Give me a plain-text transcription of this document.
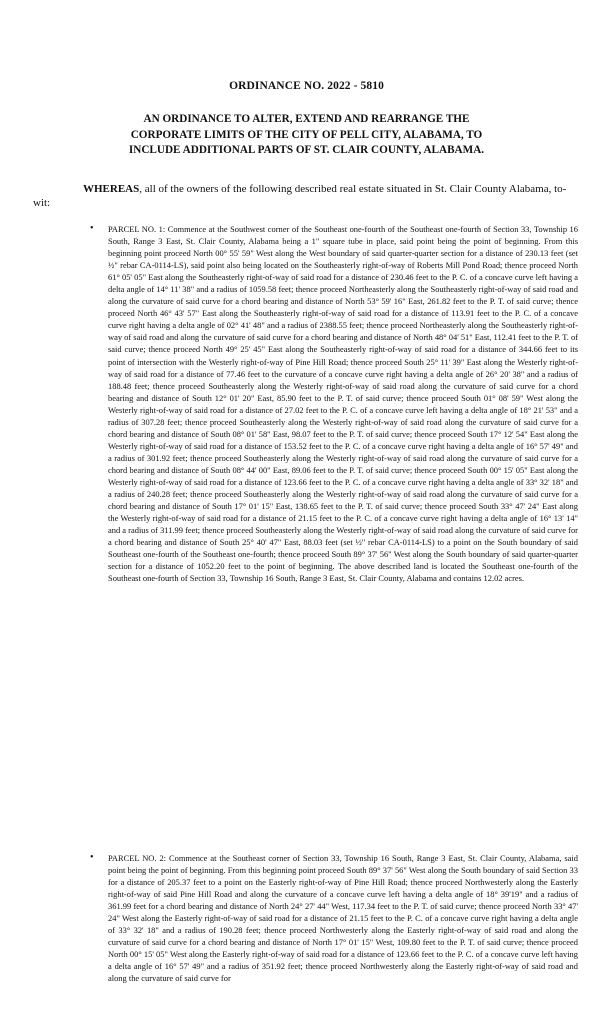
ORDINANCE NO. 2022 - 5810
AN ORDINANCE TO ALTER, EXTEND AND REARRANGE THE CORPORATE LIMITS OF THE CITY OF PELL CITY, ALABAMA, TO INCLUDE ADDITIONAL PARTS OF ST. CLAIR COUNTY, ALABAMA.
WHEREAS, all of the owners of the following described real estate situated in St. Clair County Alabama, to-wit:
• PARCEL NO. 1: Commence at the Southwest corner of the Southeast one-fourth of the Southeast one-fourth of Section 33, Township 16 South, Range 3 East, St. Clair County, Alabama being a 1" square tube in place, said point being the point of beginning. From this beginning point proceed North 00° 55' 59" West along the West boundary of said quarter-quarter section for a distance of 230.13 feet (set ½" rebar CA-0114-LS), said point also being located on the Southeasterly right-of-way of Roberts Mill Pond Road; thence proceed North 61° 05' 05" East along the Southeasterly right-of-way of said road for a distance of 230.46 feet to the P. C. of a concave curve left having a delta angle of 14° 11' 38" and a radius of 1059.58 feet; thence proceed Northeasterly along the Southeasterly right-of-way of said road and along the curvature of said curve for a chord bearing and distance of North 53° 59' 16" East, 261.82 feet to the P. T. of said curve; thence proceed North 46° 43' 57" East along the Southeasterly right-of-way of said road for a distance of 113.91 feet to the P. C. of a concave curve right having a delta angle of 02° 41' 48" and a radius of 2388.55 feet; thence proceed Northeasterly along the Southeasterly right-of-way of said road and along the curvature of said curve for a chord bearing and distance of North 48° 04' 51" East, 112.41 feet to the P. T. of said curve; thence proceed North 49° 25' 45" East along the Southeasterly right-of-way of said road for a distance of 344.66 feet to its point of intersection with the Westerly right-of-way of Pine Hill Road; thence proceed South 25° 11' 39" East along the Westerly right-of-way of said road for a distance of 77.46 feet to the curvature of a concave curve right having a delta angle of 26° 20' 38" and a radius of 188.48 feet; thence proceed Southeasterly along the Westerly right-of-way of said road along the curvature of said curve for a chord bearing and distance of South 12° 01' 20" East, 85.90 feet to the P. T. of said curve; thence proceed South 01° 08' 59" West along the Westerly right-of-way of said road for a distance of 27.02 feet to the P. C. of a concave curve left having a delta angle of 18° 21' 53" and a radius of 307.28 feet; thence proceed Southeasterly along the Westerly right-of-way of said road along the curvature of said curve for a chord bearing and distance of South 08° 01' 58" East, 98.07 feet to the P. T. of said curve; thence proceed South 17° 12' 54" East along the Westerly right-of-way of said road for a distance of 153.52 feet to the P. C. of a concave curve right having a delta angle of 16° 57' 49" and a radius of 301.92 feet; thence proceed Southeasterly along the Westerly right-of-way of said road along the curvature of said curve for a chord bearing and distance of South 08° 44' 00" East, 89.06 feet to the P. T. of said curve; thence proceed South 00° 15' 05" East along the Westerly right-of-way of said road for a distance of 123.66 feet to the P. C. of a concave curve right having a delta angle of 33° 32' 18" and a radius of 240.28 feet; thence proceed Southeasterly along the Westerly right-of-way of said road along the curvature of said curve for a chord bearing and distance of South 17° 01' 15" East, 138.65 feet to the P. T. of said curve; thence proceed South 33° 47' 24" East along the Westerly right-of-way of said road for a distance of 21.15 feet to the P. C. of a concave curve right having a delta angle of 16° 13' 14" and a radius of 311.99 feet; thence proceed Southeasterly along the Westerly right-of-way of said road along the curvature of said curve for a chord bearing and distance of South 25° 40' 47" East, 88.03 feet (set ½" rebar CA-0114-LS) to a point on the South boundary of said Southeast one-fourth of the Southeast one-fourth; thence proceed South 89° 37' 56" West along the South boundary of said quarter-quarter section for a distance of 1052.20 feet to the point of beginning. The above described land is located the Southeast one-fourth of the Southeast one-fourth of Section 33, Township 16 South, Range 3 East, St. Clair County, Alabama and contains 12.02 acres.
• PARCEL NO. 2: Commence at the Southeast corner of Section 33, Township 16 South, Range 3 East, St. Clair County, Alabama, said point being the point of beginning. From this beginning point proceed South 89° 37' 56" West along the South boundary of said Section 33 for a distance of 205.37 feet to a point on the Easterly right-of-way of Pine Hill Road; thence proceed Northwesterly along the Easterly right-of-way of said Pine Hill Road and along the curvature of a concave curve left having a delta angle of 18° 39'19" and a radius of 361.99 feet for a chord bearing and distance of North 24° 27' 44" West, 117.34 feet to the P. T. of said curve; thence proceed North 33° 47' 24" West along the Easterly right-of-way of said road for a distance of 21.15 feet to the P. C. of a concave curve right having a delta angle of 33° 32' 18" and a radius of 190.28 feet; thence proceed Northwesterly along the Easterly right-of-way of said road and along the curvature of said curve for a chord bearing and distance of North 17° 01' 15" West, 109.80 feet to the P. T. of said curve; thence proceed North 00° 15' 05" West along the Easterly right-of-way of said road for a distance of 123.66 feet to the P. C. of a concave curve left having a delta angle of 16° 57' 49" and a radius of 351.92 feet; thence proceed Northwesterly along the Easterly right-of-way of said road and along the curvature of said curve for
